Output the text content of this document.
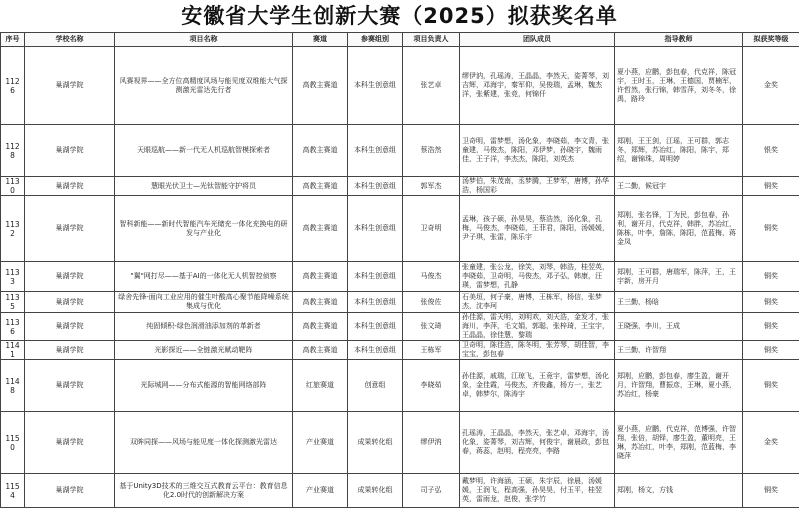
安徽省大学生创新大赛（2025）拟获奖名单
序号	学校名称	项目名称	赛道	参赛组别	项目负责人	团队成员	指导教师	拟获奖等级
1126	巢湖学院	风赛视界——全方位高精度风场与能见度双维能大气探测激光雷达先行者	高教主赛道	本科生创意组	张艺卓	缪伊汭，孔瑶涛，王晶晶，李然天，姿菁琴，刘吉辉，邓海宇，秦军仰，吴俊瑞，孟琳，魏杰洋，张紫建，张竞，何锦仟	夏小燕，应鹏，彭包春，代克祥，陈冠宇，王时玉，王琳，王德国，贾楠军，许哲然，张行锦，韩雪萍，刘冬冬，徐禹，路玲	金奖
1128	巢湖学院	天眼巡航——新一代无人机巡航智模探索者	高教主赛道	本科生创意组	蔡浩然	卫奇明，雷梦想，汤化象，李晓茹，李文青，张童建，马俊杰，陈阳，邓伊梦，孙晓宇，魏雨佳，王子洋，李杰杰，陈阳，刘英杰	郑刚，王王剑，江瑶，王可群，郭志冬，郑辉，苏冶红，陈阳，陈宇，郑绍，谢锦珠，周明婷	银奖
1130	巢湖学院	慧眼光伏卫士—光钛智能守护将员	高教主赛道	本科生创意组	郭军杰	汤梦伯，朱茂南，丞梦腾，王梦军，唐博，孙华浩，杨国彩	王二勤，候冠宇	铜奖
1132	巢湖学院	智科新能——新时代智能汽车光储充一体化充换电的研发与产业化	高教主赛道	本科生创意组	卫奇明	孟琳，孩子硕，孙昊昊，蔡浩然，汤化象，孔梅，马俊杰，李晓茹，王菲君，陈阳，汤媛媛，尹子琪，张雷，陈乐宇	郑刚，张名锋，丁为民，彭包春，孙利，谢开月，代克祥，韩胖，苏冶红，陈栋，叶李，詹陈，陈阳，范蓝梅，蒋金凤	铜奖
1133	巢湖学院	"翼"网打尽——基于AI的一体化无人机智控侦察	高教主赛道	本科生创意组	马俊杰	张童建，张公龙，徐笑，刘琴，韩浩，桂翌英，李晓茹，卫奇明，马俊杰，邓子弘，韩康，汪瑛，雷梦想，孔静	郑刚，王可群，唐瑞军，陈萍，王，王宇新，房开月	铜奖
1135	巢湖学院	绿舍先锋-面向工业应用的催生叶酸高心聚节能降噪系统集成与优化	高教主赛道	本科生创意组	张俊佐	石美垣，何子豪，唐博，王栋军，杨信，张梦杰，沈李珂	王三勤，杨晗	铜奖
1136	巢湖学院	纯固倾积-绿色润滑油添加剂的革新者	高教主赛道	本科生创意组	张文琦	孙佳源，雷天明，刘明欢，刘天浩，金发才，张海川，李萍，毛文娟，郭聪，张梓琦，王宝宇，王晶晶，徐佳慧，黎瑞	王晓强，李川，王成	铜奖
1141	巢湖学院	光影探近——全链激光赋动靶阵	高教主赛道	本科生创意组	王栋军	卫奇明，陈佳浩，陈冬明，张芳琴，胡佳智，李宝宝，彭包春	王三勤，许智翔	铜奖
1148	巢湖学院	光际城网——分布式能源的智能网络部阵	红旅赛道	创意组	李晓茹	孙佳源，戚瑞，江琼飞，王竟宇，雷梦想，汤化象，金佳霞，马俊杰，齐俊鑫，杨方一，张艺卓，韩梦尔，陈涛宇	郑刚，应鹏，彭包春，廖生盈，谢开月，许智翔，曹振彦，王琳，夏小燕，苏冶红，杨豪	铜奖
1150	巢湖学院	双眸同探——风场与能见度一体化探测激光雷达	产业赛道	成果转化组	缪伊汭	孔瑶涛，王晶晶，李然天，张艺卓，邓海宇，汤化象，姿菁琴，刘吉辉，何俊宇，谢晨政，彭包春，蒋蕊，赵明，程亮亮，李路	夏小燕，应鹏，代克祥，范博强，许智翔，张倍，胡铎，廖生盈，董明亮，王琳，苏冶红，叶李，郑刚，范蓝梅，李晓萍	金奖
1154	巢湖学院	基于Unity3D技术的三维交互式教育云平台：教育信息化2.0时代的创新解决方案	产业赛道	成果转化组	司子弘	戴梦明，许海涵，王硕，朱宇辰，徐晨，汤媛媛，王润飞，程高强，孙昊昊，付玉平，桂翌英，雷雨龙，赵俊，张学竹	郑刚，杨文，方钱	铜奖
